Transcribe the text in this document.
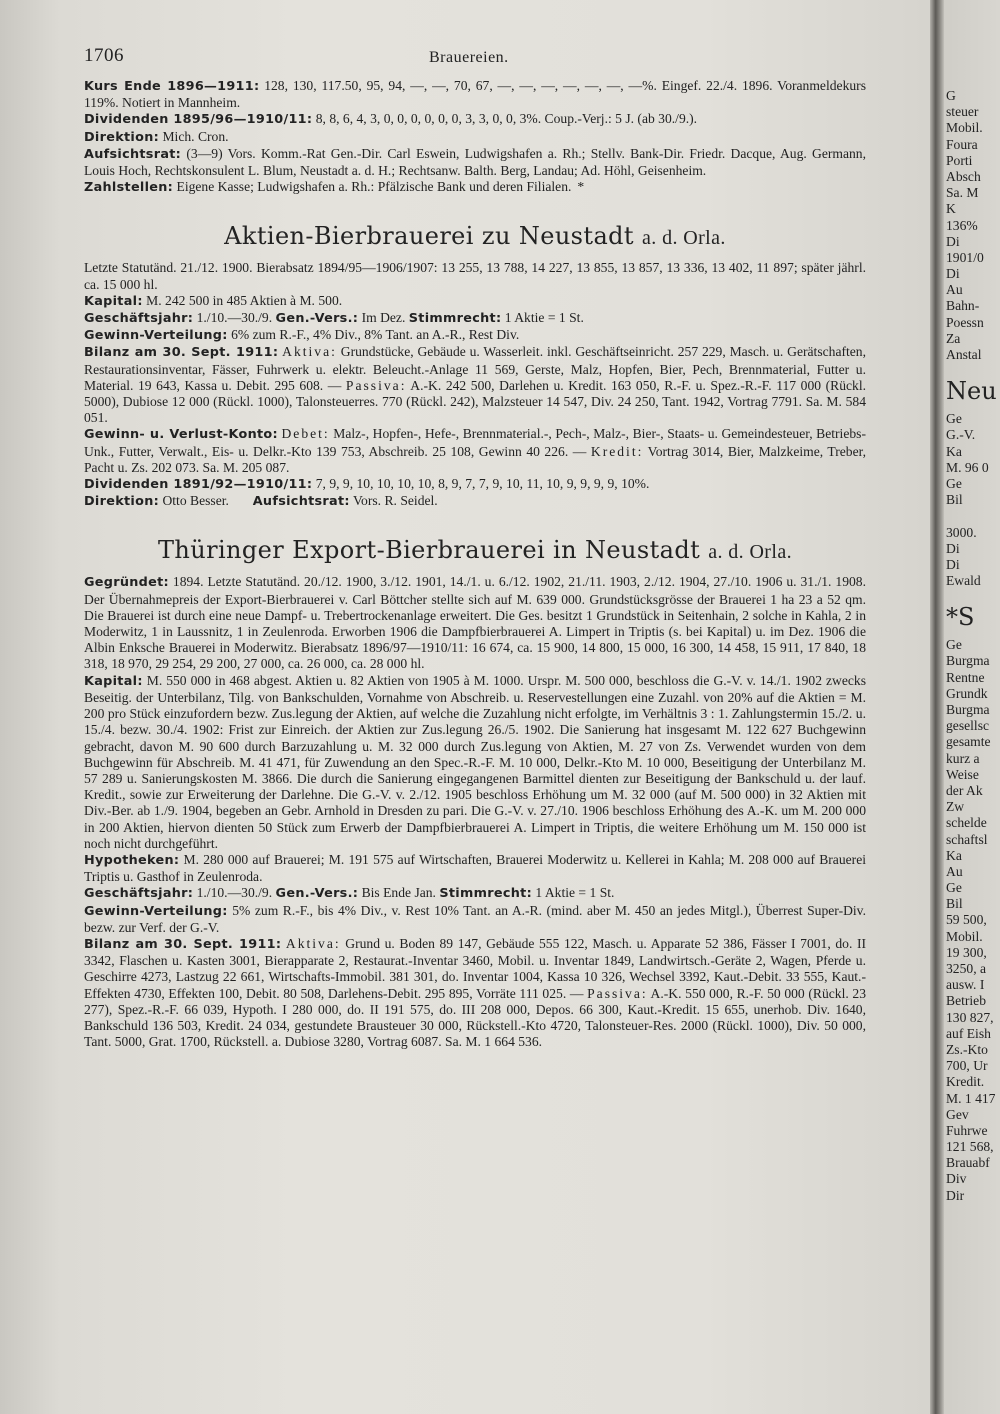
1706	Brauereien.

Kurs Ende 1896—1911: 128, 130, 117.50, 95, 94, —, —, 70, 67, —, —, —, —, —, —, —%. Eingef. 22./4. 1896. Voranmeldekurs 119%. Notiert in Mannheim.

Dividenden 1895/96—1910/11: 8, 8, 6, 4, 3, 0, 0, 0, 0, 0, 0, 3, 3, 0, 0, 3%. Coup.-Verj.: 5 J. (ab 30./9.).

Direktion: Mich. Cron.

Aufsichtsrat: (3—9) Vors. Komm.-Rat Gen.-Dir. Carl Eswein, Ludwigshafen a. Rh.; Stellv. Bank-Dir. Friedr. Dacque, Aug. Germann, Louis Hoch, Rechtskonsulent L. Blum, Neustadt a. d. H.; Rechtsanw. Balth. Berg, Landau; Ad. Höhl, Geisenheim.

Zahlstellen: Eigene Kasse; Ludwigshafen a. Rh.: Pfälzische Bank und deren Filialen. *

Aktien-Bierbrauerei zu Neustadt a. d. Orla.

Letzte Statutänd. 21./12. 1900. Bierabsatz 1894/95—1906/1907: 13 255, 13 788, 14 227, 13 855, 13 857, 13 336, 13 402, 11 897; später jährl. ca. 15 000 hl.

Kapital: M. 242 500 in 485 Aktien à M. 500.

Geschäftsjahr: 1./10.—30./9. Gen.-Vers.: Im Dez. Stimmrecht: 1 Aktie = 1 St.

Gewinn-Verteilung: 6% zum R.-F., 4% Div., 8% Tant. an A.-R., Rest Div.

Bilanz am 30. Sept. 1911: Aktiva: Grundstücke, Gebäude u. Wasserleit. inkl. Geschäftseinricht. 257 229, Masch. u. Gerätschaften, Restaurationsinventar, Fässer, Fuhrwerk u. elektr. Beleucht.-Anlage 11 569, Gerste, Malz, Hopfen, Bier, Pech, Brennmaterial, Futter u. Material. 19 643, Kassa u. Debit. 295 608. — Passiva: A.-K. 242 500, Darlehen u. Kredit. 163 050, R.-F. u. Spez.-R.-F. 117 000 (Rückl. 5000), Dubiose 12 000 (Rückl. 1000), Talonsteuerres. 770 (Rückl. 242), Malzsteuer 14 547, Div. 24 250, Tant. 1942, Vortrag 7791. Sa. M. 584 051.

Gewinn- u. Verlust-Konto: Debet: Malz-, Hopfen-, Hefe-, Brennmaterial.-, Pech-, Malz-, Bier-, Staats- u. Gemeindesteuer, Betriebs-Unk., Futter, Verwalt., Eis- u. Delkr.-Kto 139 753, Abschreib. 25 108, Gewinn 40 226. — Kredit: Vortrag 3014, Bier, Malzkeime, Treber, Pacht u. Zs. 202 073. Sa. M. 205 087.

Dividenden 1891/92—1910/11: 7, 9, 9, 10, 10, 10, 10, 8, 9, 7, 7, 9, 10, 11, 10, 9, 9, 9, 9, 10%.

Direktion: Otto Besser. Aufsichtsrat: Vors. R. Seidel.

Thüringer Export-Bierbrauerei in Neustadt a. d. Orla.

Gegründet: 1894. Letzte Statutänd. 20./12. 1900, 3./12. 1901, 14./1. u. 6./12. 1902, 21./11. 1903, 2./12. 1904, 27./10. 1906 u. 31./1. 1908. Der Übernahmepreis der Export-Bierbrauerei v. Carl Böttcher stellte sich auf M. 639 000. Grundstücksgrösse der Brauerei 1 ha 23 a 52 qm. Die Brauerei ist durch eine neue Dampf- u. Trebertrockenanlage erweitert. Die Ges. besitzt 1 Grundstück in Seitenhain, 2 solche in Kahla, 2 in Moderwitz, 1 in Laussnitz, 1 in Zeulenroda. Erworben 1906 die Dampfbierbrauerei A. Limpert in Triptis (s. bei Kapital) u. im Dez. 1906 die Albin Enksche Brauerei in Moderwitz. Bierabsatz 1896/97—1910/11: 16 674, ca. 15 900, 14 800, 15 000, 16 300, 14 458, 15 911, 17 840, 18 318, 18 970, 29 254, 29 200, 27 000, ca. 26 000, ca. 28 000 hl.

Kapital: M. 550 000 in 468 abgest. Aktien u. 82 Aktien von 1905 à M. 1000. Urspr. M. 500 000, beschloss die G.-V. v. 14./1. 1902 zwecks Beseitig. der Unterbilanz, Tilg. von Bankschulden, Vornahme von Abschreib. u. Reservestellungen eine Zuzahl. von 20% auf die Aktien = M. 200 pro Stück einzufordern bezw. Zus.legung der Aktien, auf welche die Zuzahlung nicht erfolgte, im Verhältnis 3 : 1. Zahlungstermin 15./2. u. 15./4. bezw. 30./4. 1902: Frist zur Einreich. der Aktien zur Zus.legung 26./5. 1902. Die Sanierung hat insgesamt M. 122 627 Buchgewinn gebracht, davon M. 90 600 durch Barzuzahlung u. M. 32 000 durch Zus.legung von Aktien, M. 27 von Zs. Verwendet wurden von dem Buchgewinn für Abschreib. M. 41 471, für Zuwendung an den Spec.-R.-F. M. 10 000, Delkr.-Kto M. 10 000, Beseitigung der Unterbilanz M. 57 289 u. Sanierungskosten M. 3866. Die durch die Sanierung eingegangenen Barmittel dienten zur Beseitigung der Bankschuld u. der lauf. Kredit., sowie zur Erweiterung der Darlehne. Die G.-V. v. 2./12. 1905 beschloss Erhöhung um M. 32 000 (auf M. 500 000) in 32 Aktien mit Div.-Ber. ab 1./9. 1904, begeben an Gebr. Arnhold in Dresden zu pari. Die G.-V. v. 27./10. 1906 beschloss Erhöhung des A.-K. um M. 200 000 in 200 Aktien, hiervon dienten 50 Stück zum Erwerb der Dampfbierbrauerei A. Limpert in Triptis, die weitere Erhöhung um M. 150 000 ist noch nicht durchgeführt.

Hypotheken: M. 280 000 auf Brauerei; M. 191 575 auf Wirtschaften, Brauerei Moderwitz u. Kellerei in Kahla; M. 208 000 auf Brauerei Triptis u. Gasthof in Zeulenroda.

Geschäftsjahr: 1./10.—30./9. Gen.-Vers.: Bis Ende Jan. Stimmrecht: 1 Aktie = 1 St.

Gewinn-Verteilung: 5% zum R.-F., bis 4% Div., v. Rest 10% Tant. an A.-R. (mind. aber M. 450 an jedes Mitgl.), Überrest Super-Div. bezw. zur Verf. der G.-V.

Bilanz am 30. Sept. 1911: Aktiva: Grund u. Boden 89 147, Gebäude 555 122, Masch. u. Apparate 52 386, Fässer I 7001, do. II 3342, Flaschen u. Kasten 3001, Bierapparate 2, Restaurat.-Inventar 3460, Mobil. u. Inventar 1849, Landwirtsch.-Geräte 2, Wagen, Pferde u. Geschirre 4273, Lastzug 22 661, Wirtschafts-Immobil. 381 301, do. Inventar 1004, Kassa 10 326, Wechsel 3392, Kaut.-Debit. 33 555, Kaut.-Effekten 4730, Effekten 100, Debit. 80 508, Darlehens-Debit. 295 895, Vorräte 111 025. — Passiva: A.-K. 550 000, R.-F. 50 000 (Rückl. 23 277), Spez.-R.-F. 66 039, Hypoth. I 280 000, do. II 191 575, do. III 208 000, Depos. 66 300, Kaut.-Kredit. 15 655, unerhob. Div. 1640, Bankschuld 136 503, Kredit. 24 034, gestundete Brausteuer 30 000, Rückstell.-Kto 4720, Talonsteuer-Res. 2000 (Rückl. 1000), Div. 50 000, Tant. 5000, Grat. 1700, Rückstell. a. Dubiose 3280, Vortrag 6087. Sa. M. 1 664 536.

G
steuer
Mobil.
Foura
Porti
Absch
Sa. M
K
136%
Di
1901/0
Di
Au
Bahn-
Poessn
Za
Anstal
Neu
Ge
G.-V.
Ka
M. 96 0
Ge
Bil
3000.
Di
Di
Ewald
*S
Ge
Burgma
Rentne
Grundk
Burgma
gesellsc
gesamte
kurz a
Weise
der Ak
Zw
schelde
schaftsl
Ka
Au
Ge
Bil
59 500,
Mobil.
19 300,
3250, a
ausw. I
Betrieb
130 827,
auf Eish
Zs.-Kto
700, Ur
Kredit.
M. 1 417
Gev
Fuhrwe
121 568,
Brauabf
Div
Dir
